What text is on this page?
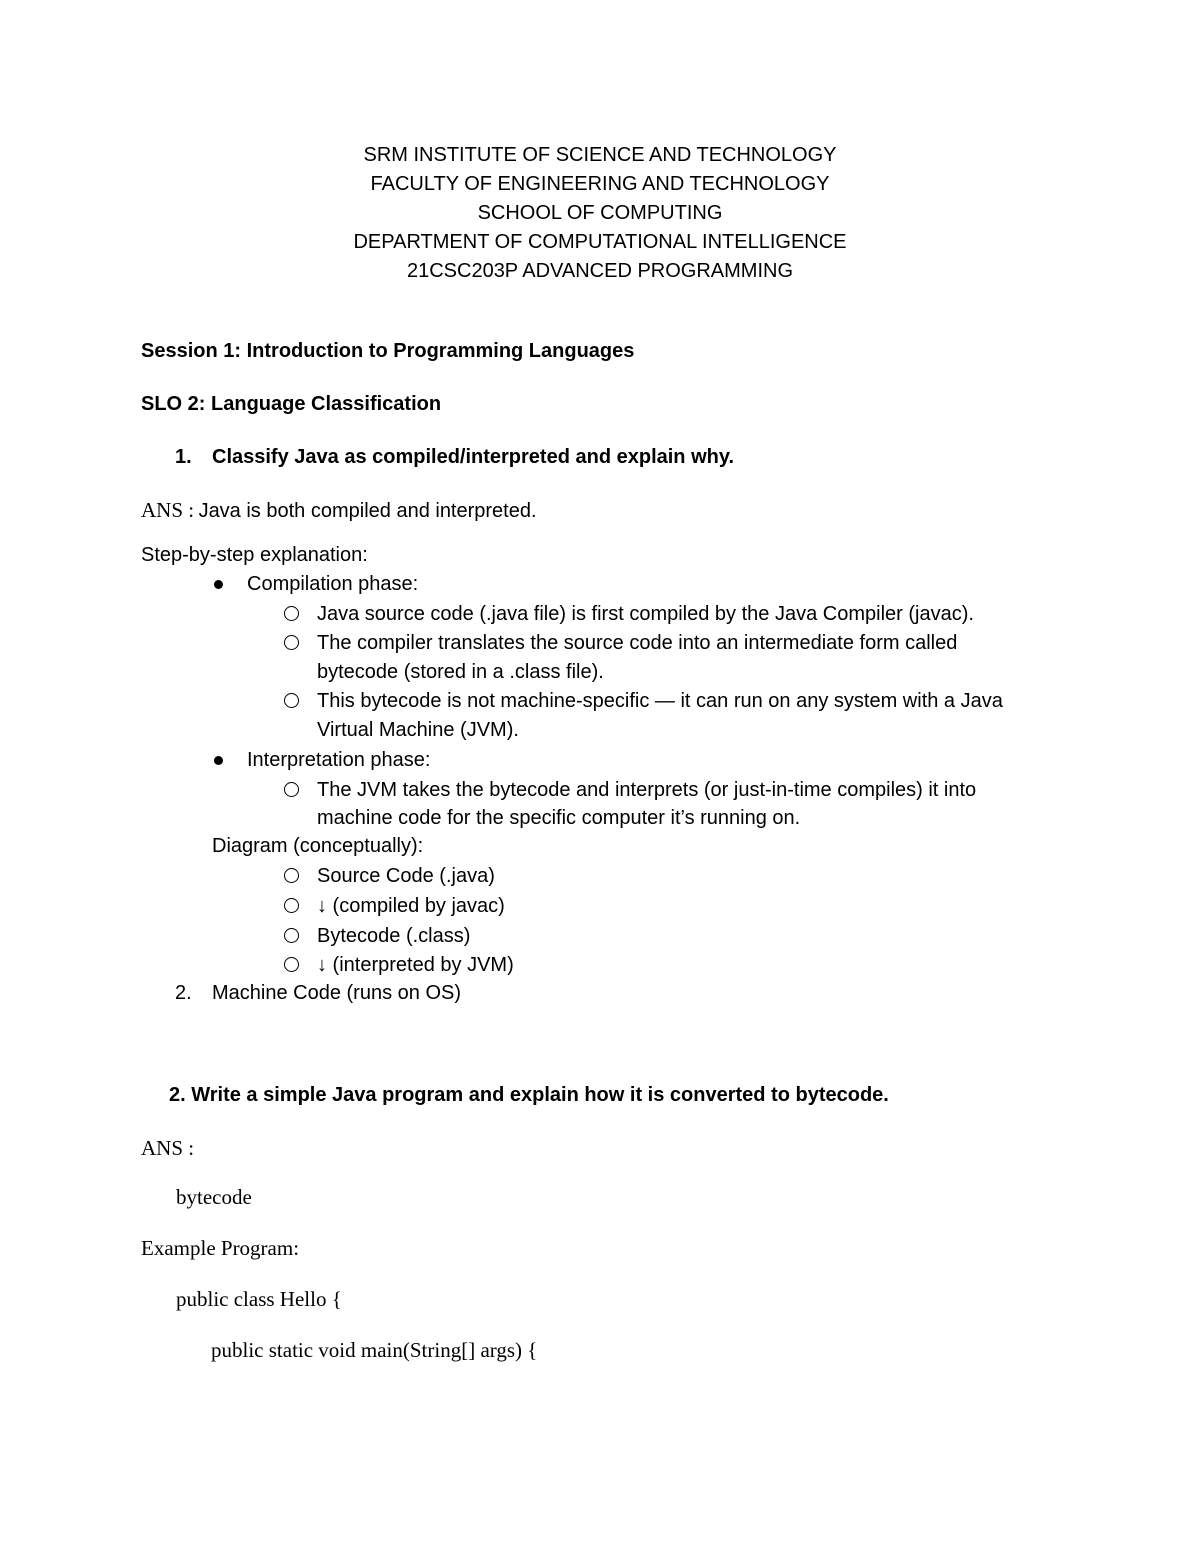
SRM INSTITUTE OF SCIENCE AND TECHNOLOGY
FACULTY OF ENGINEERING AND TECHNOLOGY
SCHOOL OF COMPUTING
DEPARTMENT OF COMPUTATIONAL INTELLIGENCE
21CSC203P ADVANCED PROGRAMMING
Session 1: Introduction to Programming Languages
SLO 2: Language Classification
1. Classify Java as compiled/interpreted and explain why.
ANS : Java is both compiled and interpreted.
Step-by-step explanation:
Compilation phase:
Java source code (.java file) is first compiled by the Java Compiler (javac).
The compiler translates the source code into an intermediate form called
bytecode (stored in a .class file).
This bytecode is not machine-specific — it can run on any system with a Java
Virtual Machine (JVM).
Interpretation phase:
The JVM takes the bytecode and interprets (or just-in-time compiles) it into
machine code for the specific computer it’s running on.
Diagram (conceptually):
Source Code (.java)
↓ (compiled by javac)
Bytecode (.class)
↓ (interpreted by JVM)
2. Machine Code (runs on OS)
2. Write a simple Java program and explain how it is converted to bytecode.
ANS :
bytecode
Example Program:
public class Hello {
public static void main(String[] args) {
